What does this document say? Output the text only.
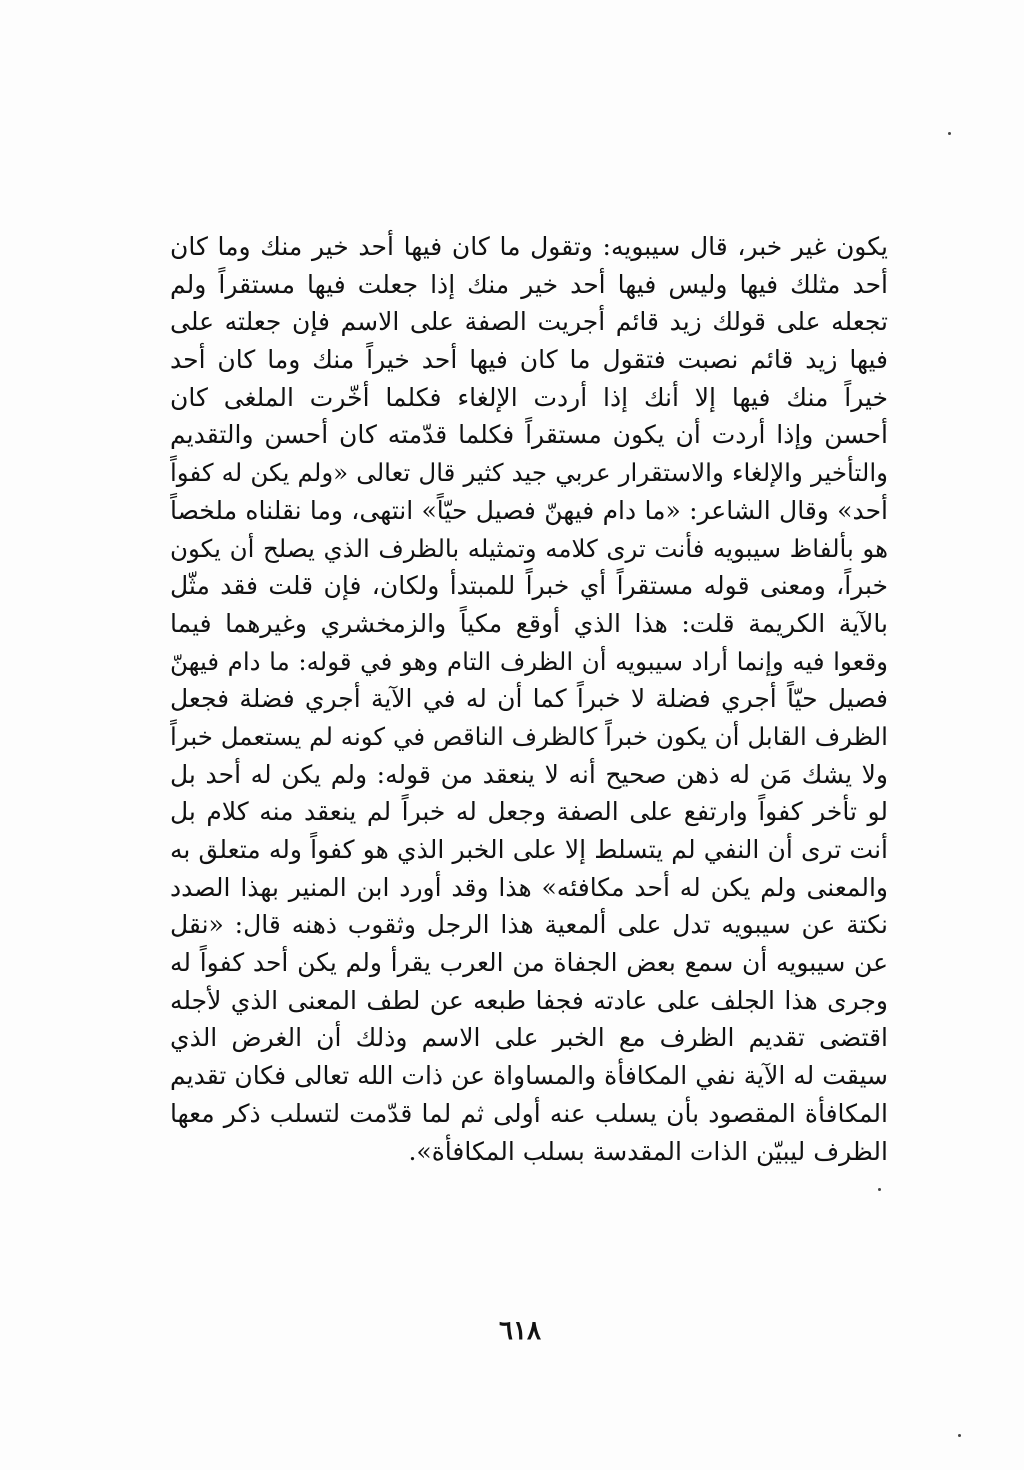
يكون غير خبر، قال سيبويه: وتقول ما كان فيها أحد خير منك وما كان
أحد مثلك فيها وليس فيها أحد خير منك إذا جعلت فيها مستقراً ولم
تجعله على قولك زيد قائم أجريت الصفة على الاسم فإن جعلته على
فيها زيد قائم نصبت فتقول ما كان فيها أحد خيراً منك وما كان أحد
خيراً منك فيها إلا أنك إذا أردت الإلغاء فكلما أخّرت الملغى كان
أحسن وإذا أردت أن يكون مستقراً فكلما قدّمته كان أحسن والتقديم
والتأخير والإلغاء والاستقرار عربي جيد كثير قال تعالى «ولم يكن له كفواً
أحد» وقال الشاعر: «ما دام فيهنّ فصيل حيّاً» انتهى، وما نقلناه ملخصاً
هو بألفاظ سيبويه فأنت ترى كلامه وتمثيله بالظرف الذي يصلح أن يكون
خبراً، ومعنى قوله مستقراً أي خبراً للمبتدأ ولكان، فإن قلت فقد مثّل
بالآية الكريمة قلت: هذا الذي أوقع مكياً والزمخشري وغيرهما فيما
وقعوا فيه وإنما أراد سيبويه أن الظرف التام وهو في قوله: ما دام فيهنّ
فصيل حيّاً أجري فضلة لا خبراً كما أن له في الآية أجري فضلة فجعل
الظرف القابل أن يكون خبراً كالظرف الناقص في كونه لم يستعمل خبراً
ولا يشك مَن له ذهن صحيح أنه لا ينعقد من قوله: ولم يكن له أحد بل
لو تأخر كفواً وارتفع على الصفة وجعل له خبراً لم ينعقد منه كلام بل
أنت ترى أن النفي لم يتسلط إلا على الخبر الذي هو كفواً وله متعلق به
والمعنى ولم يكن له أحد مكافئه» هذا وقد أورد ابن المنير بهذا الصدد
نكتة عن سيبويه تدل على ألمعية هذا الرجل وثقوب ذهنه قال: «نقل
عن سيبويه أن سمع بعض الجفاة من العرب يقرأ ولم يكن أحد كفواً له
وجرى هذا الجلف على عادته فجفا طبعه عن لطف المعنى الذي لأجله
اقتضى تقديم الظرف مع الخبر على الاسم وذلك أن الغرض الذي
سيقت له الآية نفي المكافأة والمساواة عن ذات الله تعالى فكان تقديم
المكافأة المقصود بأن يسلب عنه أولى ثم لما قدّمت لتسلب ذكر معها
الظرف ليبيّن الذات المقدسة بسلب المكافأة».
٦١٨
